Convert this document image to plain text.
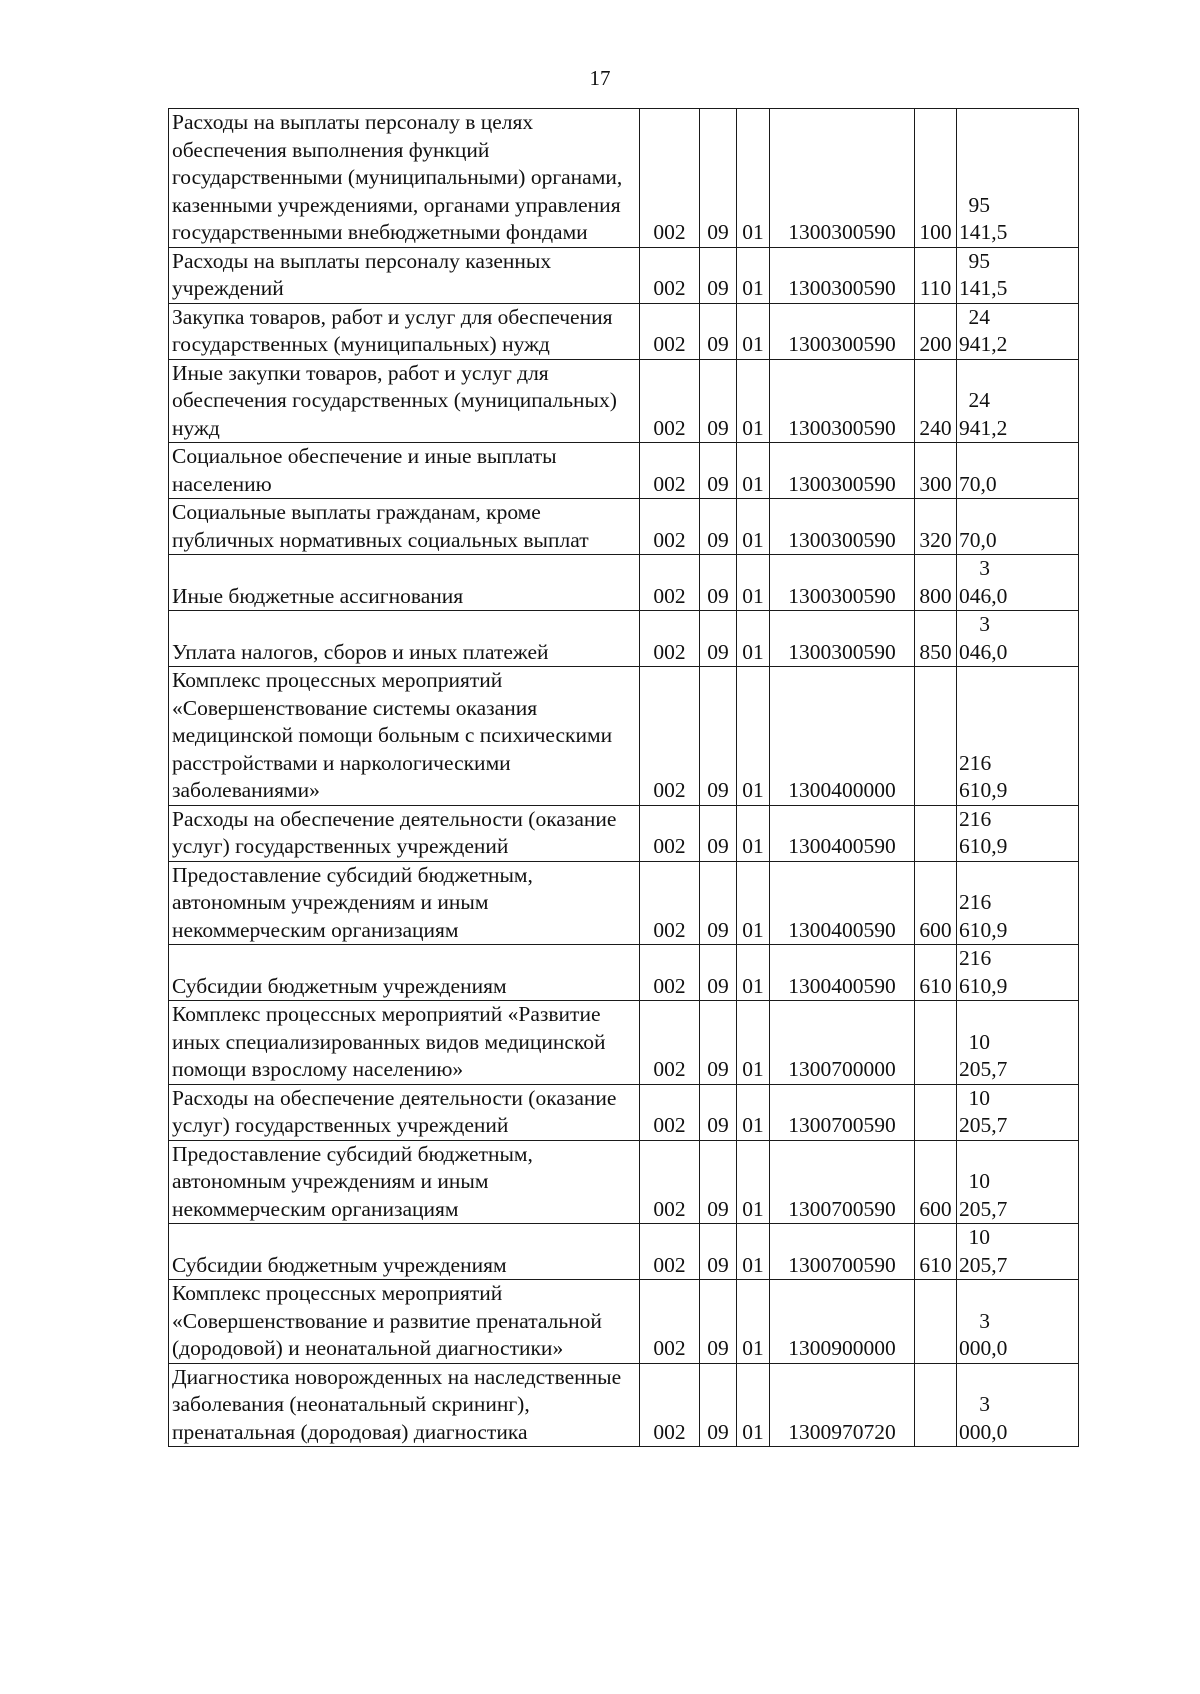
17
Расходы на выплаты персоналу в целях обеспечения выполнения функций государственными (муниципальными) органами, казенными учреждениями, органами управления государственными внебюджетными фондами	002	09	01	1300300590	100	95 141,5
Расходы на выплаты персоналу казенных учреждений	002	09	01	1300300590	110	95 141,5
Закупка товаров, работ и услуг для обеспечения государственных (муниципальных) нужд	002	09	01	1300300590	200	24 941,2
Иные закупки товаров, работ и услуг для обеспечения государственных (муниципальных) нужд	002	09	01	1300300590	240	24 941,2
Социальное обеспечение и иные выплаты населению	002	09	01	1300300590	300	70,0
Социальные выплаты гражданам, кроме публичных нормативных социальных выплат	002	09	01	1300300590	320	70,0
Иные бюджетные ассигнования	002	09	01	1300300590	800	3 046,0
Уплата налогов, сборов и иных платежей	002	09	01	1300300590	850	3 046,0
Комплекс процессных мероприятий «Совершенствование системы оказания медицинской помощи больным с психическими расстройствами и наркологическими заболеваниями»	002	09	01	1300400000		216 610,9
Расходы на обеспечение деятельности (оказание услуг) государственных учреждений	002	09	01	1300400590		216 610,9
Предоставление субсидий бюджетным, автономным учреждениям и иным некоммерческим организациям	002	09	01	1300400590	600	216 610,9
Субсидии бюджетным учреждениям	002	09	01	1300400590	610	216 610,9
Комплекс процессных мероприятий «Развитие иных специализированных видов медицинской помощи взрослому населению»	002	09	01	1300700000		10 205,7
Расходы на обеспечение деятельности (оказание услуг) государственных учреждений	002	09	01	1300700590		10 205,7
Предоставление субсидий бюджетным, автономным учреждениям и иным некоммерческим организациям	002	09	01	1300700590	600	10 205,7
Субсидии бюджетным учреждениям	002	09	01	1300700590	610	10 205,7
Комплекс процессных мероприятий «Совершенствование и развитие пренатальной (дородовой) и неонатальной диагностики»	002	09	01	1300900000		3 000,0
Диагностика новорожденных на наследственные заболевания (неонатальный скрининг), пренатальная (дородовая) диагностика	002	09	01	1300970720		3 000,0
